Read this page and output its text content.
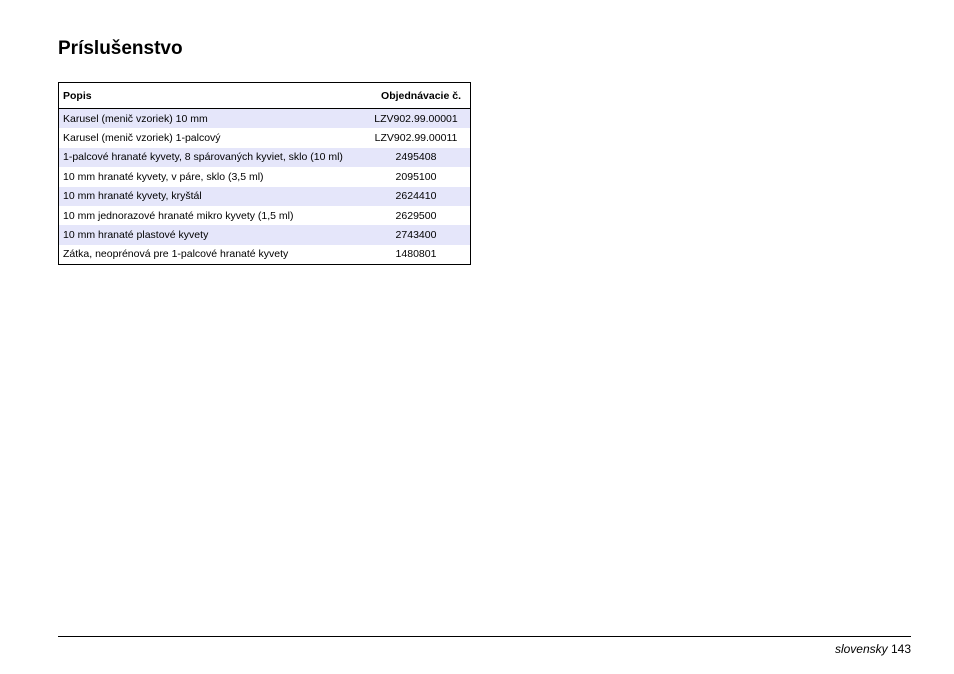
Príslušenstvo
Popis	Objednávacie č.
Karusel (menič vzoriek) 10 mm	LZV902.99.00001
Karusel (menič vzoriek) 1-palcový	LZV902.99.00011
1-palcové hranaté kyvety, 8 spárovaných kyviet, sklo (10 ml)	2495408
10 mm hranaté kyvety, v páre, sklo (3,5 ml)	2095100
10 mm hranaté kyvety, kryštál	2624410
10 mm jednorazové hranaté mikro kyvety (1,5 ml)	2629500
10 mm hranaté plastové kyvety	2743400
Zátka, neoprénová pre 1-palcové hranaté kyvety	1480801
slovensky 143
